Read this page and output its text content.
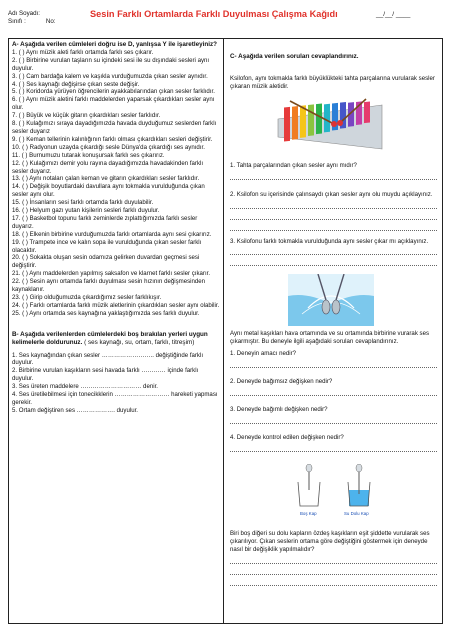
Adı Soyadı:
Sınıfı :	No:
Sesin Farklı Ortamlarda Farklı Duyulması Çalışma Kağıdı	__/__/ ____

A- Aşağıda verilen cümleleri doğru ise D, yanlışsa Y ile işaretleyiniz?

1. ( ) Aynı müzik aleti farklı ortamda farklı ses çıkarır.

2. ( ) Birbirine vurulan taşların su içindeki sesi ile su dışındaki sesleri aynı duyulur.

3. ( ) Cam bardağa kalem ve kaşıkla vurduğumuzda çıkan sesler aynıdır.

4. ( ) Ses kaynağı değişirse çıkan seste değişir.

5. ( ) Koridorda yürüyen öğrencilerin ayakkabılarından çıkan sesler farklıdır.

6. ( ) Aynı müzik aletini farklı maddelerden yaparsak çıkardıkları sesler aynı olur.

7. ( ) Büyük ve küçük gitarın çıkardıkları sesler farklıdır.

8. ( ) Kulağımızı sıraya dayadığımızda havada duyduğumuz seslerden farklı sesler duyarız

9. ( ) Keman tellerinin kalınlığının farklı olması çıkardıkları sesleri değiştirir.

10. ( ) Radyonun uzayda çıkardığı sesle Dünya'da çıkardığı ses aynıdır.

11. ( ) Burnumuzu tutarak konuşursak farklı ses çıkarırız.

12. ( ) Kulağımızı demir yolu rayına dayadığımızda havadakinden farklı sesler duyarız.

13. ( ) Aynı notaları çalan keman ve gitarın çıkardıkları sesler farklıdır.

14. ( ) Değişik boyutlardaki davullara aynı tokmakla vurulduğunda çıkan sesler aynı olur.

15. ( ) İnsanların sesi farklı ortamda farklı duyulabilir.

16. ( ) Helyum gazı yutan kişilerin sesleri farklı duyulur.

17. ( ) Basketbol topunu farklı zeminlerde zıplattığımızda farklı sesler duyarız.

18. ( ) Elkenin birbirine vurduğumuzda farklı ortamlarda aynı sesi çıkarırız.

19. ( ) Trampete ince ve kalın sopa ile vurulduğunda çıkan sesler farklı olacaktır.

20. ( ) Sokakta oluşan sesin odamıza gelirken duvardan geçmesi sesi değiştirir.

21. ( ) Aynı maddelerden yapılmış saksafon ve klarnet farklı sesler çıkarır.

22. ( ) Sesin aynı ortamda farklı duyulması sesin hızının değişmesinden kaynaklanır.

23. ( ) Girip olduğumuzda çıkardığımız sesler farklıkışır.

24. ( ) Farklı ortamlarda farklı müzik aletlerinin çıkardıkları sesler aynı olabilir.

25. ( ) Aynı ortamda ses kaynağına yaklaştığımızda ses farklı duyulur.

B- Aşağıda verilenlerden cümlelerdeki boş bırakılan yerleri uygun kelimelerle doldurunuz. ( ses kaynağı, su, ortam, farklı, titreşim)

1. Ses kaynağından çıkan sesler …………………….. değiştiğinde farklı duyulur.

2. Birbirine vurulan kaşıkların sesi havada farklı ………… içinde farklı duyulur.

3. Ses üreten maddelere ………………………… denir.

4. Ses üretilebilmesi için tonecikklerin ……………………… hareketi yapması gerekir.

5. Ortam değiştiren ses ………………. duyulur.

C- Aşağıda verilen soruları cevaplandırınız.

Ksilofon, aynı tokmakla farklı büyüklükteki tahta parçalarına vurularak sesler çıkaran müzik aletidir.

1. Tahta parçalarından çıkan sesler aynı mıdır?

2. Ksilofon su içerisinde çalınsaydı çıkan sesler aynı olu muydu açıklayınız.

3. Ksilofonu farklı tokmakla vurulduğunda aynı sesler çıkar mı açıklayınız.

Aynı metal kaşıkları hava ortamında ve su ortamında birbirine vurarak ses çıkarmıştır. Bu deneyle ilgili aşağıdaki soruları cevaplandırınız.

1. Deneyin amacı nedir?

2. Deneyde bağımsız değişken nedir?

3. Deneyde bağımlı değişken nedir?

4. Deneyde kontrol edilen değişken nedir?

Boş Kap	Su Dolu Kap

Biri boş diğeri su dolu kapların özdeş kaşıkların eşit şiddette vurularak ses çıkarılıyor. Çıkan seslerin ortama göre değiştiğini göstermek için deneyde nasıl bir değişiklik yapılmalıdır?
